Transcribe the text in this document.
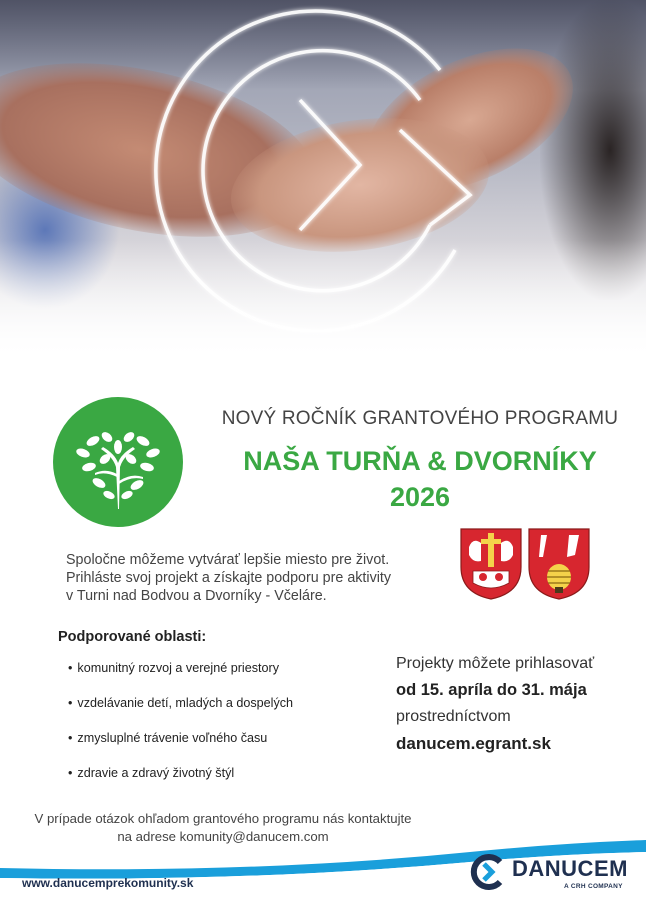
NOVÝ ROČNÍK GRANTOVÉHO PROGRAMU
NAŠA TURŇA & DVORNÍKY
2026
Spoločne môžeme vytvárať lepšie miesto pre život.
Prihláste svoj projekt a získajte podporu pre aktivity
v Turni nad Bodvou a Dvorníky - Včeláre.
Podporované oblasti:
• komunitný rozvoj a verejné priestory
• vzdelávanie detí, mladých a dospelých
• zmysluplné trávenie voľného času
• zdravie a zdravý životný štýl
Projekty môžete prihlasovať
od 15. apríla do 31. mája
prostredníctvom
danucem.egrant.sk
V prípade otázok ohľadom grantového programu nás kontaktujte
na adrese komunity@danucem.com
www.danucemprekomunity.sk
DANUCEM
A CRH COMPANY
